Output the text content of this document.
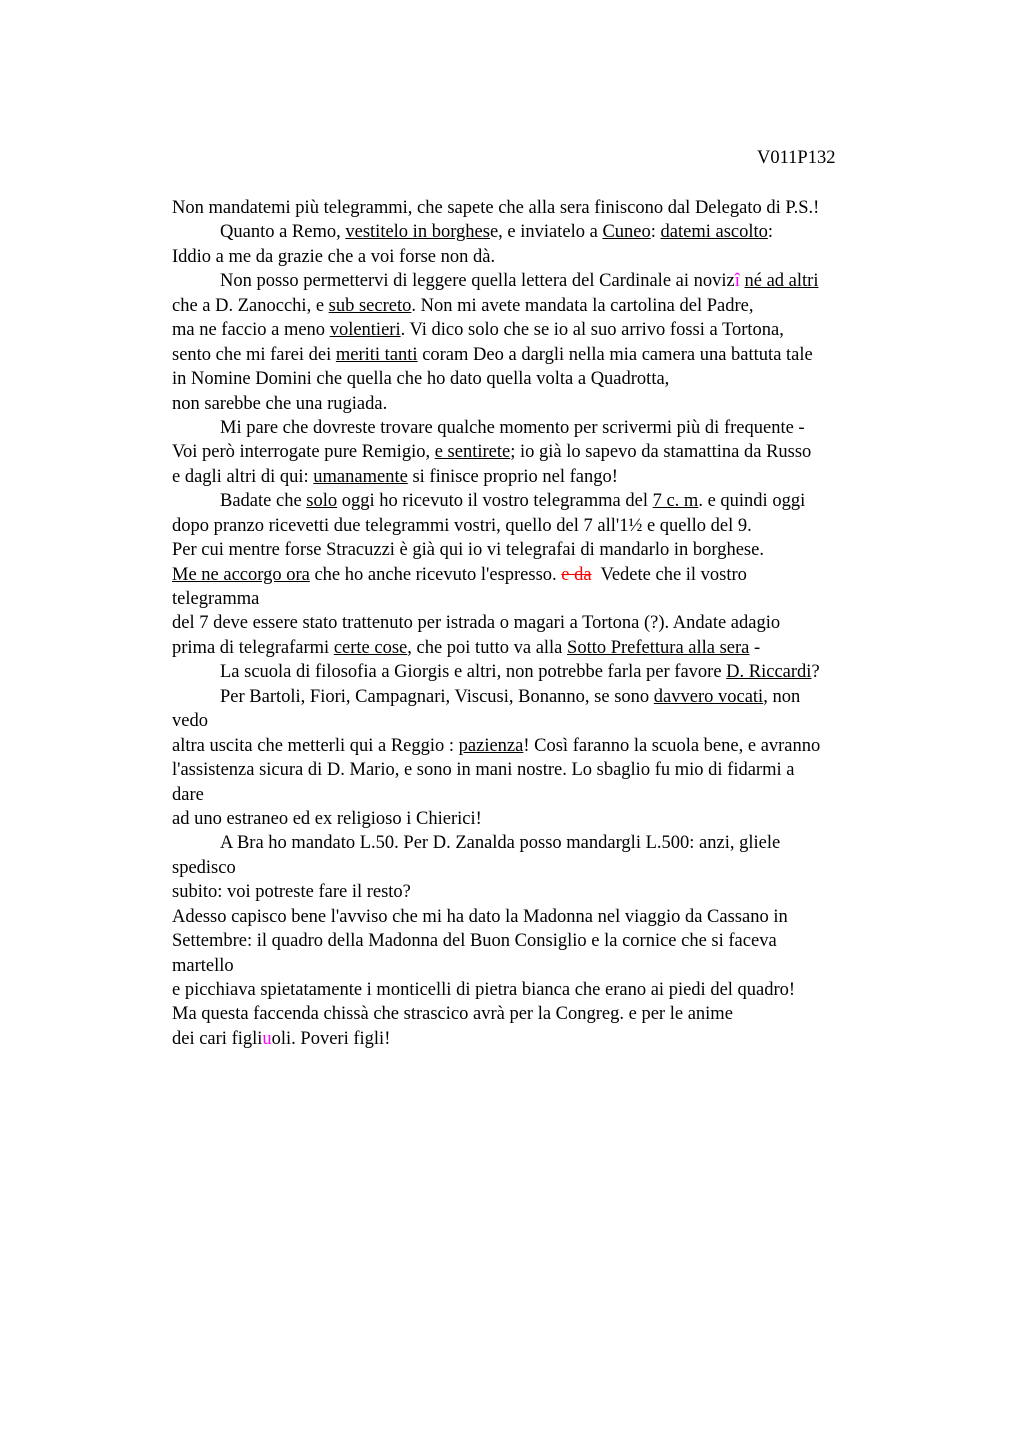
V011P132
Non mandatemi più telegrammi, che sapete che alla sera finiscono dal Delegato di P.S.!
Quanto a Remo, vestitelo in borghese, e inviatelo a Cuneo: datemi ascolto:
Iddio a me da grazie che a voi forse non dà.
Non posso permettervi di leggere quella lettera del Cardinale ai novizî né ad altri
che a D. Zanocchi, e sub secreto. Non mi avete mandata la cartolina del Padre,
ma ne faccio a meno volentieri. Vi dico solo che se io al suo arrivo fossi a Tortona,
sento che mi farei dei meriti tanti coram Deo a dargli nella mia camera una battuta tale
in Nomine Domini che quella che ho dato quella volta a Quadrotta,
non sarebbe che una rugiada.
Mi pare che dovreste trovare qualche momento per scrivermi più di frequente -
Voi però interrogate pure Remigio, e sentirete; io già lo sapevo da stamattina da Russo
e dagli altri di qui: umanamente si finisce proprio nel fango!
Badate che solo oggi ho ricevuto il vostro telegramma del 7 c. m. e quindi oggi
dopo pranzo ricevetti due telegrammi vostri, quello del 7 all'1½ e quello del 9.
Per cui mentre forse Stracuzzi è già qui io vi telegrafai di mandarlo in borghese.
Me ne accorgo ora che ho anche ricevuto l'espresso. e da  Vedete che il vostro
telegramma
del 7 deve essere stato trattenuto per istrada o magari a Tortona (?). Andate adagio
prima di telegrafarmi certe cose, che poi tutto va alla Sotto Prefettura alla sera -
La scuola di filosofia a Giorgis e altri, non potrebbe farla per favore D. Riccardi?
Per Bartoli, Fiori, Campagnari, Viscusi, Bonanno, se sono davvero vocati, non
vedo
altra uscita che metterli qui a Reggio : pazienza! Così faranno la scuola bene, e avranno
l'assistenza sicura di D. Mario, e sono in mani nostre. Lo sbaglio fu mio di fidarmi a
dare
ad uno estraneo ed ex religioso i Chierici!
A Bra ho mandato L.50. Per D. Zanalda posso mandargli L.500: anzi, gliele
spedisco
subito: voi potreste fare il resto?
Adesso capisco bene l'avviso che mi ha dato la Madonna nel viaggio da Cassano in
Settembre: il quadro della Madonna del Buon Consiglio e la cornice che si faceva
martello
e picchiava spietatamente i monticelli di pietra bianca che erano ai piedi del quadro!
Ma questa faccenda chissà che strascico avrà per la Congreg. e per le anime
dei cari figliuoli. Poveri figli!
